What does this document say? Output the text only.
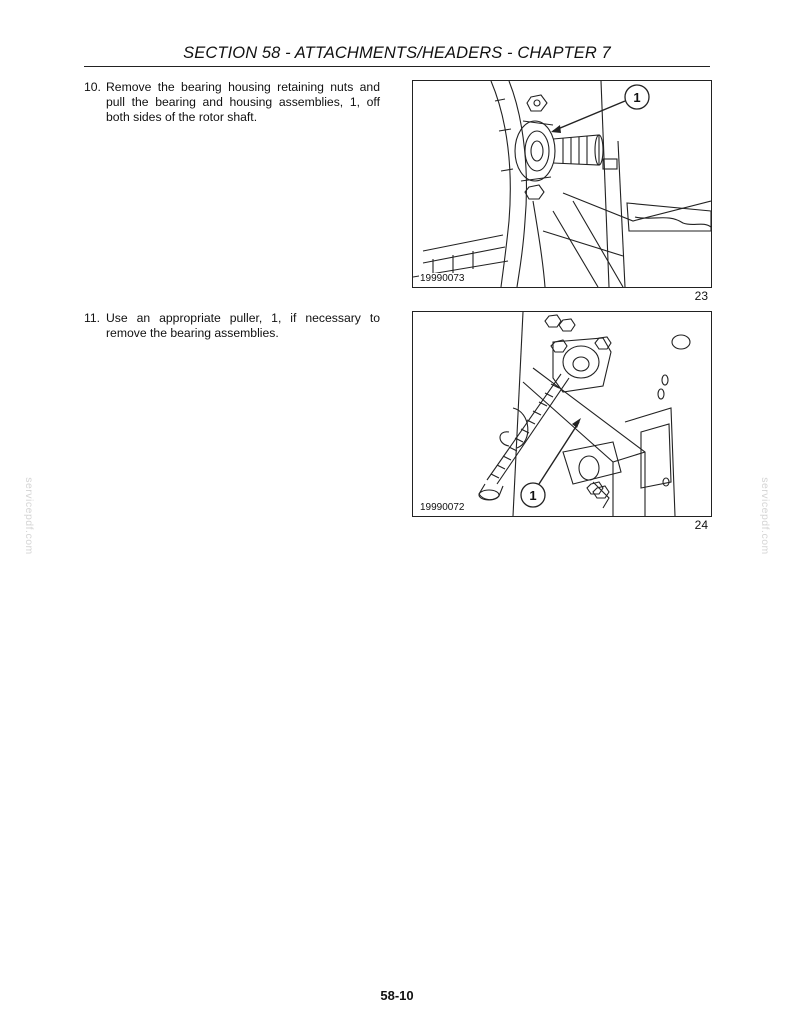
SECTION 58 - ATTACHMENTS/HEADERS - CHAPTER 7
10. Remove the bearing housing retaining nuts and pull the bearing and housing assemblies, 1, off both sides of the rotor shaft.
1
19990073
23
11. Use an appropriate puller, 1, if necessary to remove the bearing assemblies.
1
19990072
24
servicepdf.com	servicepdf.com
58-10
